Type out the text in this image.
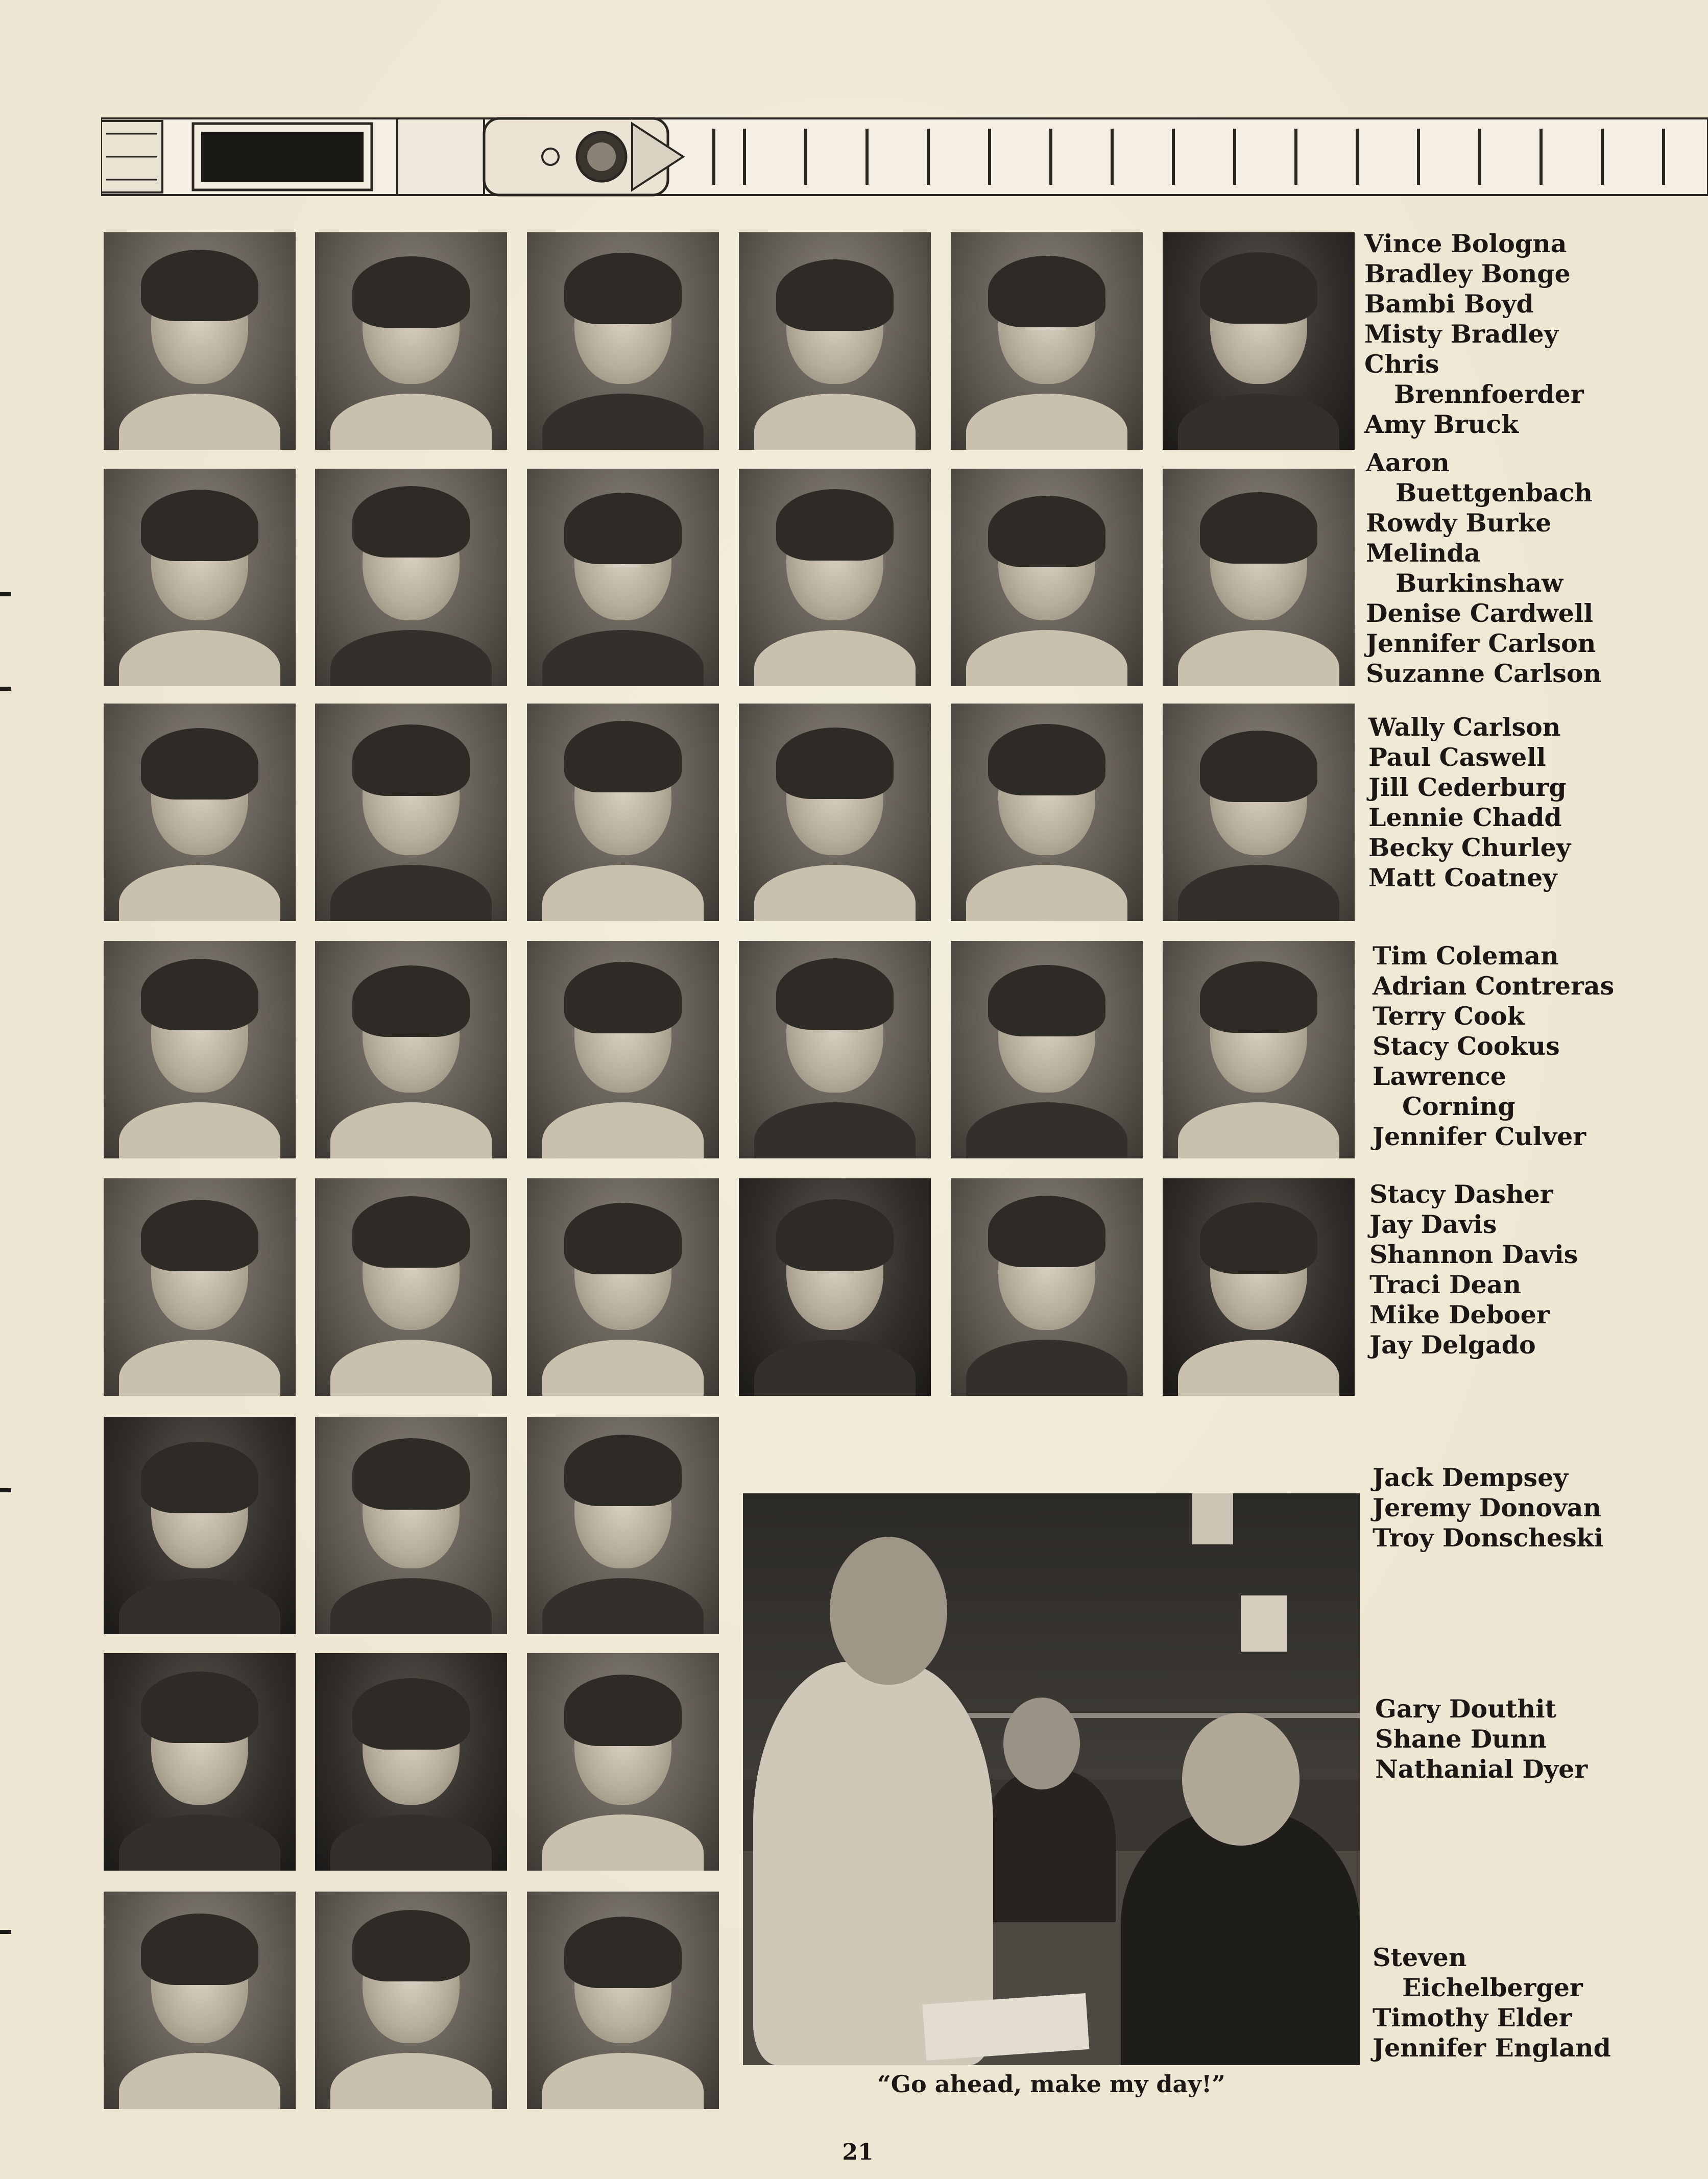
Vince Bologna
Bradley Bonge
Bambi Boyd
Misty Bradley
Chris
Brennfoerder
Amy Bruck
Aaron
Buettgenbach
Rowdy Burke
Melinda
Burkinshaw
Denise Cardwell
Jennifer Carlson
Suzanne Carlson
Wally Carlson
Paul Caswell
Jill Cederburg
Lennie Chadd
Becky Churley
Matt Coatney
Tim Coleman
Adrian Contreras
Terry Cook
Stacy Cookus
Lawrence
Corning
Jennifer Culver
Stacy Dasher
Jay Davis
Shannon Davis
Traci Dean
Mike Deboer
Jay Delgado
Jack Dempsey
Jeremy Donovan
Troy Donscheski
Gary Douthit
Shane Dunn
Nathanial Dyer
Steven
Eichelberger
Timothy Elder
Jennifer England
“Go ahead, make my day!”
21
